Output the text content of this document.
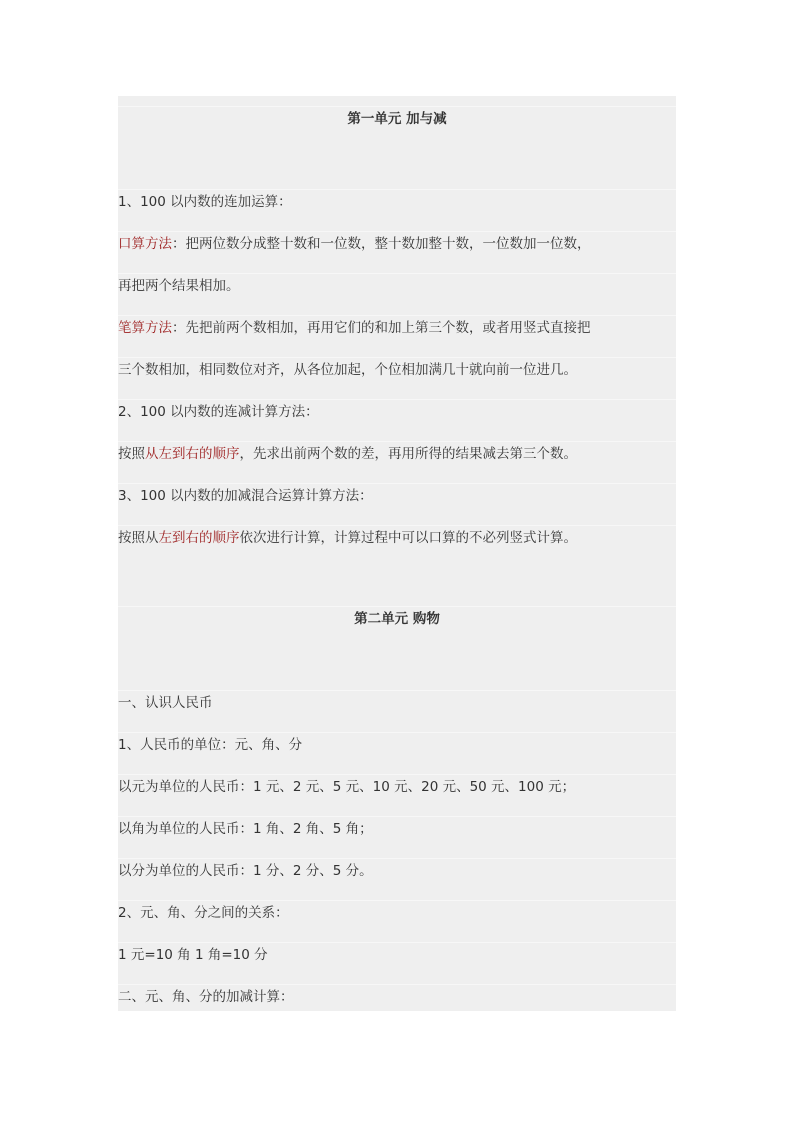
第一单元 加与减
1、100 以内数的连加运算：
口算方法：把两位数分成整十数和一位数，整十数加整十数，一位数加一位数，
再把两个结果相加。
笔算方法：先把前两个数相加，再用它们的和加上第三个数，或者用竖式直接把
三个数相加，相同数位对齐，从各位加起，个位相加满几十就向前一位进几。
2、100 以内数的连减计算方法：
按照从左到右的顺序，先求出前两个数的差，再用所得的结果减去第三个数。
3、100 以内数的加减混合运算计算方法：
按照从左到右的顺序依次进行计算，计算过程中可以口算的不必列竖式计算。
第二单元 购物
一、认识人民币
1、人民币的单位：元、角、分
以元为单位的人民币：1 元、2 元、5 元、10 元、20 元、50 元、100 元；
以角为单位的人民币：1 角、2 角、5 角；
以分为单位的人民币：1 分、2 分、5 分。
2、元、角、分之间的关系：
1 元=10 角 1 角=10 分
二、元、角、分的加减计算：
